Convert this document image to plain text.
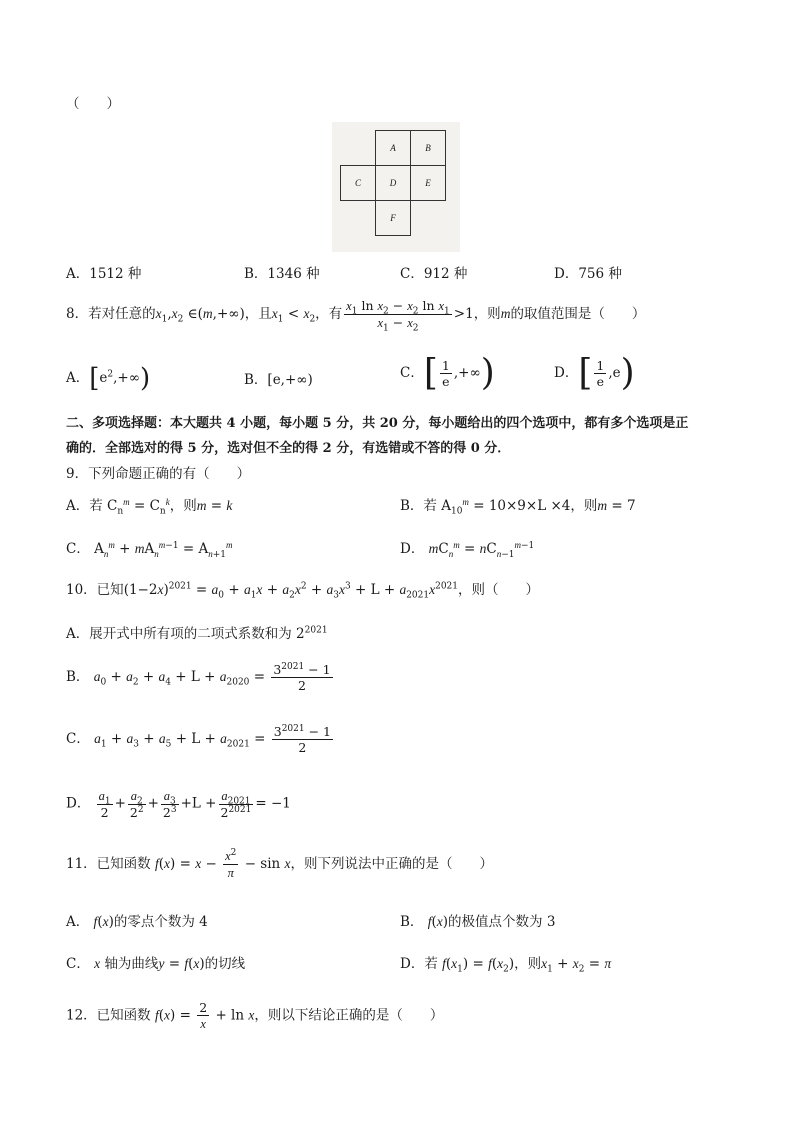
（　　）
A	B
C	D	E
F
A．1512 种	B．1346 种	C．912 种	D．756 种
8．若对任意的$x_1,x_2$ ∈(m,+∞)，且$x_1 < x_2$，有 $\frac{x_1 \ln x_2 - x_2 \ln x_1}{x_1 - x_2} >1$，则m的取值范围是（　　）
A．$[e^2,+\infty)$	B．[e,+∞)	C．[ $\frac{1}{e}$ ,+∞)	D．[ $\frac{1}{e} ,e$)
二、多项选择题：本大题共 4 小题，每小题 5 分，共 20 分，每小题给出的四个选项中，都有多个选项是正
确的．全部选对的得 5 分，选对但不全的得 2 分，有选错或不答的得 0 分．
9．下列命题正确的有（　　）
A．若 $C_n^m = C_n^k$，则m = k	B．若 $A_{10}^m = 10\times 9\times L \times 4$，则m = 7
C． $A_n^m + mA_n^{m-1} = A_{n+1}^m$	D． $mC_n^m = nC_{n-1}^{m-1}$
10．已知$(1-2x)^{2021} = a_0 + a_1x + a_2x^2 + a_3x^3 + L + a_{2021}x^{2021}$，则（　　）
A．展开式中所有项的二项式系数和为 $2^{2021}$
B． $a_0 + a_2 + a_4 + L + a_{2020} = \frac{3^{2021} - 1}{2}$
C． $a_1 + a_3 + a_5 + L + a_{2021} = \frac{3^{2021} - 1}{2}$
D． $\frac{a_1}{2} + \frac{a_2}{2^2} + \frac{a_3}{2^3} +L + \frac{a_{2021}}{2^{2021}} = -1$
11．已知函数 $f(x) = x - \frac{x^2}{\pi} - \sin x$，则下列说法中正确的是（　　）
A． f(x)的零点个数为 4	B． f(x)的极值点个数为 3
C． x 轴为曲线y = f(x)的切线	D．若 $f(x_1) = f(x_2)$，则$x_1 + x_2 = \pi$
12．已知函数 $f(x) = \frac{2}{x} + \ln x$，则以下结论正确的是（　　）
